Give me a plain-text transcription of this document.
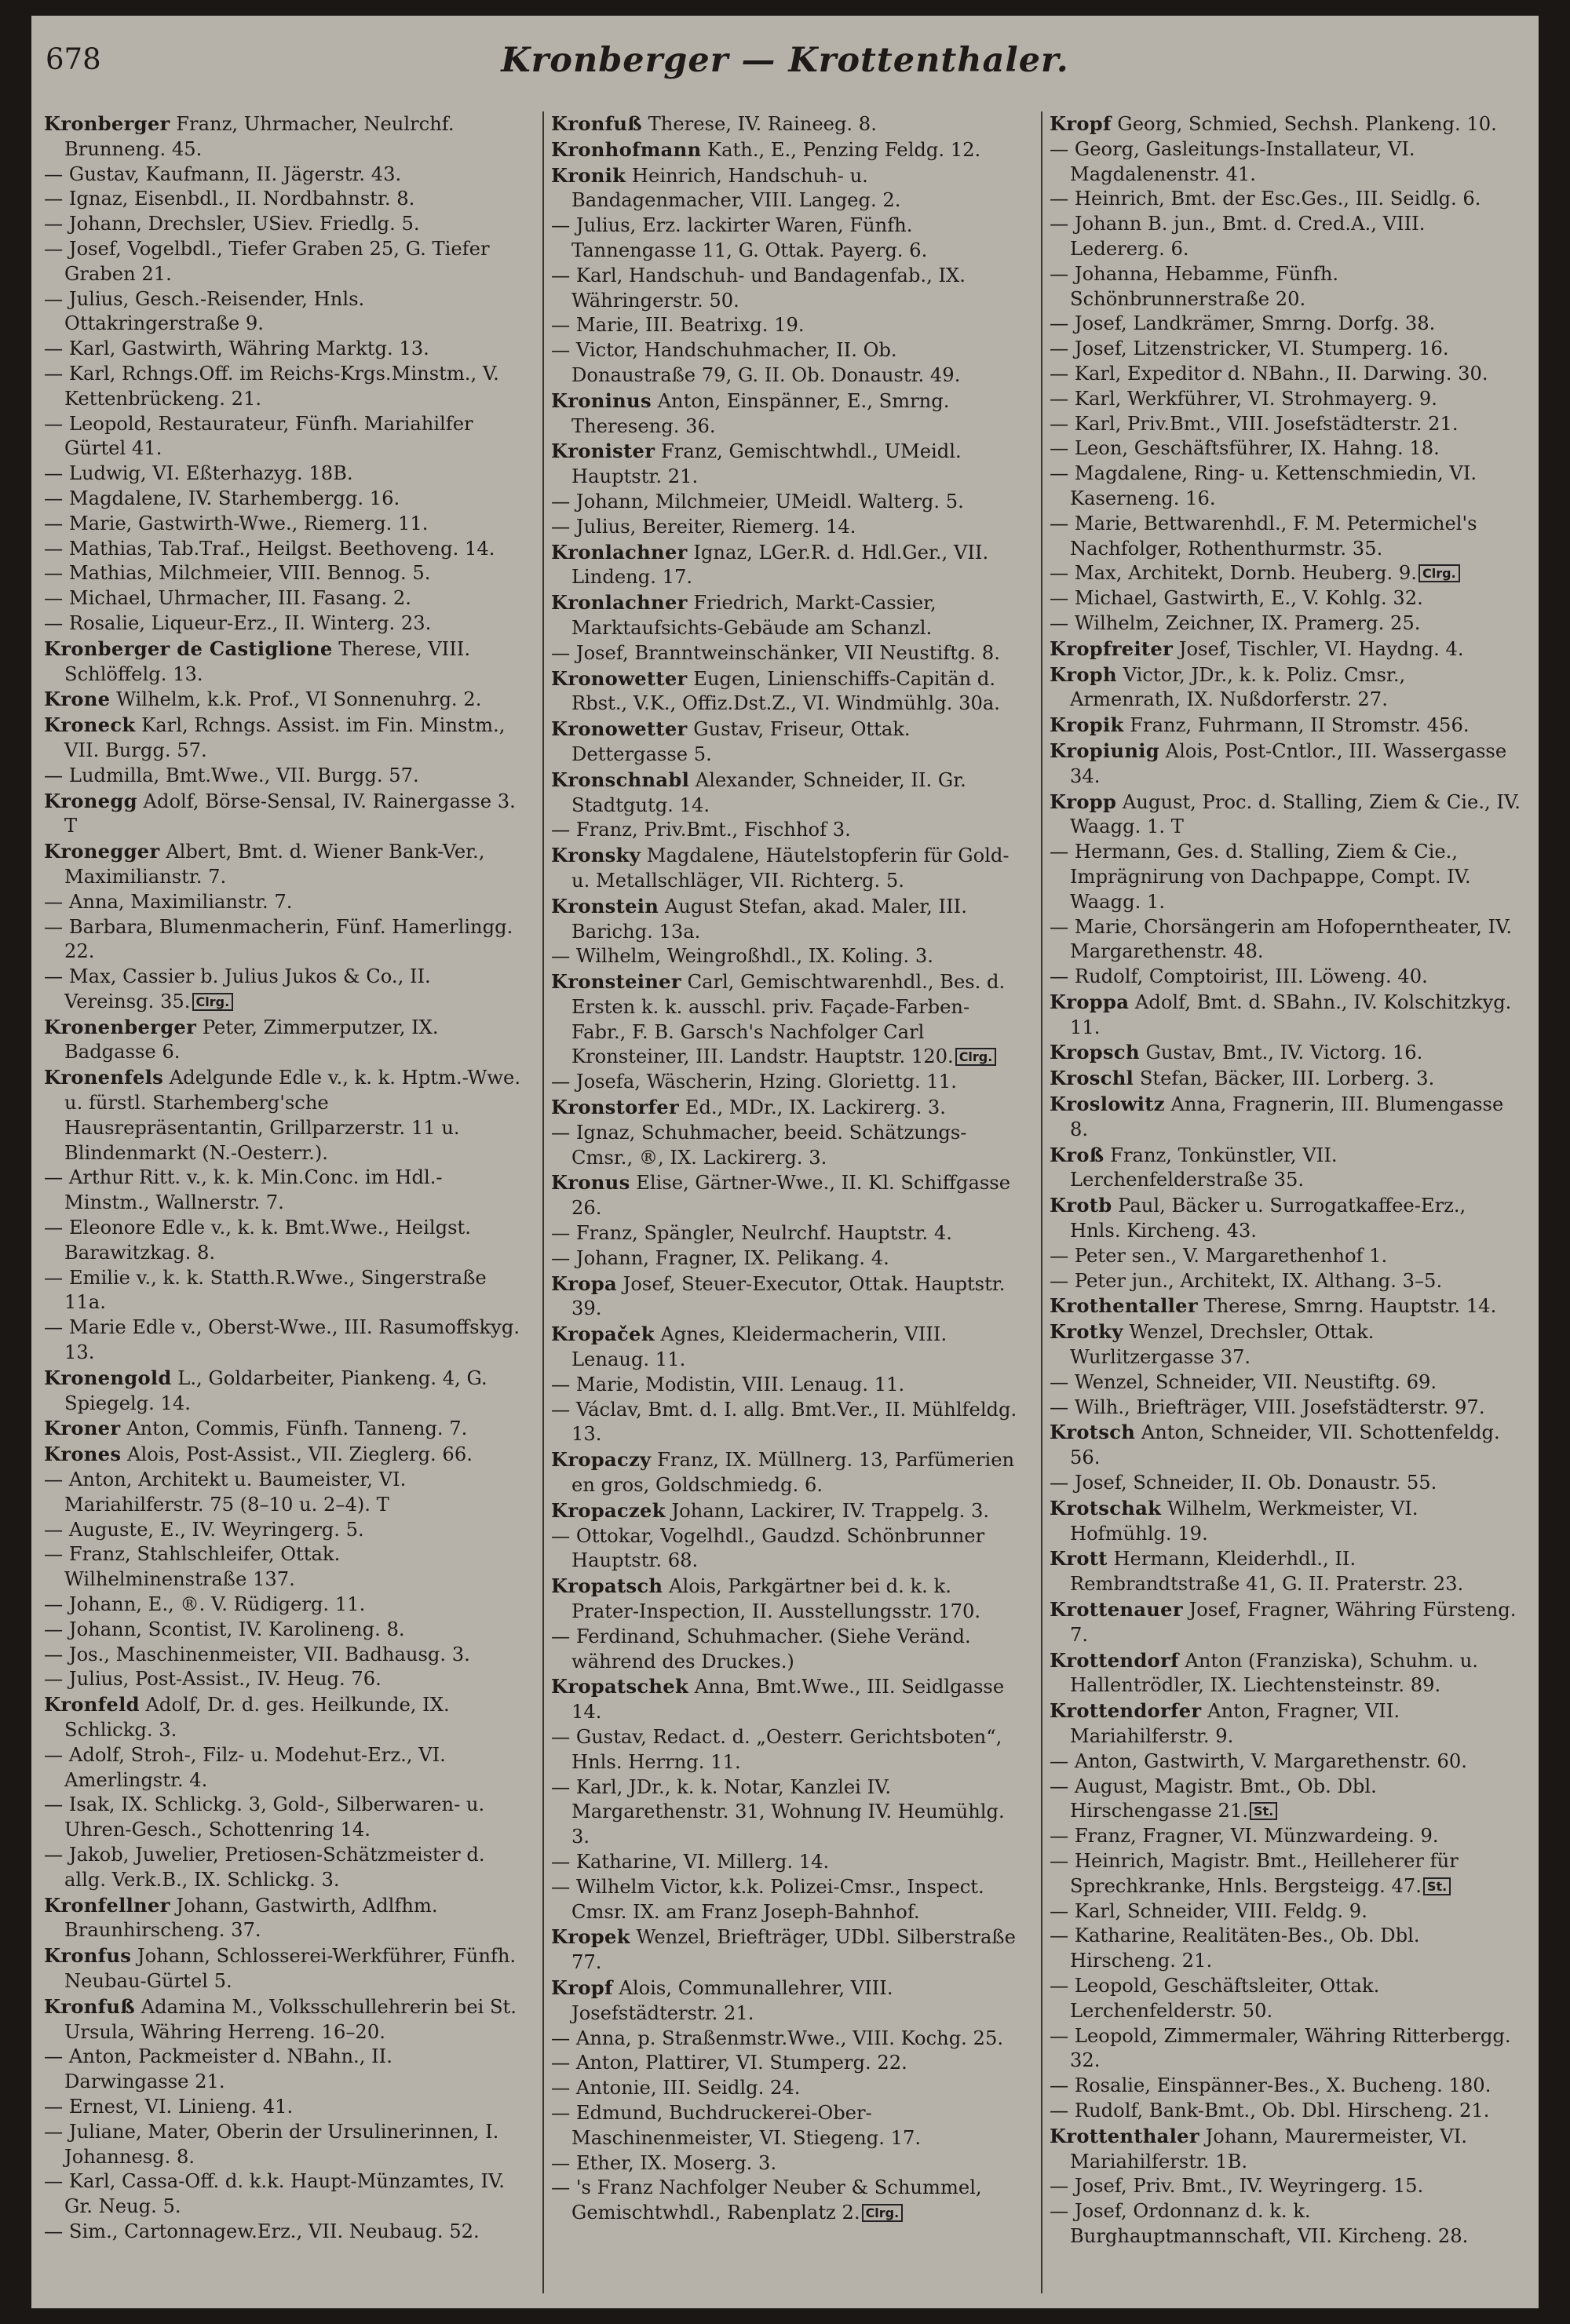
678	Kronberger — Krottenthaler.

Kronberger Franz, Uhrmacher, Neulrchf. Brunneng. 45.

— Gustav, Kaufmann, II. Jägerstr. 43.

— Ignaz, Eisenbdl., II. Nordbahnstr. 8.

— Johann, Drechsler, USiev. Friedlg. 5.

— Josef, Vogelbdl., Tiefer Graben 25, G. Tiefer Graben 21.

— Julius, Gesch.-Reisender, Hnls. Ottakringerstraße 9.

— Karl, Gastwirth, Währing Marktg. 13.

— Karl, Rchngs.Off. im Reichs-Krgs.Minstm., V. Kettenbrückeng. 21.

— Leopold, Restaurateur, Fünfh. Mariahilfer Gürtel 41.

— Ludwig, VI. Eßterhazyg. 18B.

— Magdalene, IV. Starhembergg. 16.

— Marie, Gastwirth-Wwe., Riemerg. 11.

— Mathias, Tab.Traf., Heilgst. Beethoveng. 14.

— Mathias, Milchmeier, VIII. Bennog. 5.

— Michael, Uhrmacher, III. Fasang. 2.

— Rosalie, Liqueur-Erz., II. Winterg. 23.

Kronberger de Castiglione Therese, VIII. Schlöffelg. 13.

Krone Wilhelm, k.k. Prof., VI Sonnenuhrg. 2.

Kroneck Karl, Rchngs. Assist. im Fin. Minstm., VII. Burgg. 57.

— Ludmilla, Bmt.Wwe., VII. Burgg. 57.

Kronegg Adolf, Börse-Sensal, IV. Rainergasse 3. T

Kronegger Albert, Bmt. d. Wiener Bank-Ver., Maximilianstr. 7.

— Anna, Maximilianstr. 7.

— Barbara, Blumenmacherin, Fünf. Hamerlingg. 22.

— Max, Cassier b. Julius Jukos & Co., II. Vereinsg. 35. Clrg.

Kronenberger Peter, Zimmerputzer, IX. Badgasse 6.

Kronenfels Adelgunde Edle v., k. k. Hptm.-Wwe. u. fürstl. Starhemberg'sche Hausrepräsentantin, Grillparzerstr. 11 u. Blindenmarkt (N.-Oesterr.).

— Arthur Ritt. v., k. k. Min.Conc. im Hdl.-Minstm., Wallnerstr. 7.

— Eleonore Edle v., k. k. Bmt.Wwe., Heilgst. Barawitzkag. 8.

— Emilie v., k. k. Statth.R.Wwe., Singerstraße 11a.

— Marie Edle v., Oberst-Wwe., III. Rasumoffskyg. 13.

Kronengold L., Goldarbeiter, Piankeng. 4, G. Spiegelg. 14.

Kroner Anton, Commis, Fünfh. Tanneng. 7.

Krones Alois, Post-Assist., VII. Zieglerg. 66.

— Anton, Architekt u. Baumeister, VI. Mariahilferstr. 75 (8–10 u. 2–4). T

— Auguste, E., IV. Weyringerg. 5.

— Franz, Stahlschleifer, Ottak. Wilhelminenstraße 137.

— Johann, E., ®. V. Rüdigerg. 11.

— Johann, Scontist, IV. Karolineng. 8.

— Jos., Maschinenmeister, VII. Badhausg. 3.

— Julius, Post-Assist., IV. Heug. 76.

Kronfeld Adolf, Dr. d. ges. Heilkunde, IX. Schlickg. 3.

— Adolf, Stroh-, Filz- u. Modehut-Erz., VI. Amerlingstr. 4.

— Isak, IX. Schlickg. 3, Gold-, Silberwaren- u. Uhren-Gesch., Schottenring 14.

— Jakob, Juwelier, Pretiosen-Schätzmeister d. allg. Verk.B., IX. Schlickg. 3.

Kronfellner Johann, Gastwirth, Adlfhm. Braunhirscheng. 37.

Kronfus Johann, Schlosserei-Werkführer, Fünfh. Neubau-Gürtel 5.

Kronfuß Adamina M., Volksschullehrerin bei St. Ursula, Währing Herreng. 16–20.

— Anton, Packmeister d. NBahn., II. Darwingasse 21.

— Ernest, VI. Linieng. 41.

— Juliane, Mater, Oberin der Ursulinerinnen, I. Johannesg. 8.

— Karl, Cassa-Off. d. k.k. Haupt-Münzamtes, IV. Gr. Neug. 5.

— Sim., Cartonnagew.Erz., VII. Neubaug. 52.

Kronfuß Therese, IV. Raineeg. 8.

Kronhofmann Kath., E., Penzing Feldg. 12.

Kronik Heinrich, Handschuh- u. Bandagenmacher, VIII. Langeg. 2.

— Julius, Erz. lackirter Waren, Fünfh. Tannengasse 11, G. Ottak. Payerg. 6.

— Karl, Handschuh- und Bandagenfab., IX. Währingerstr. 50.

— Marie, III. Beatrixg. 19.

— Victor, Handschuhmacher, II. Ob. Donaustraße 79, G. II. Ob. Donaustr. 49.

Kroninus Anton, Einspänner, E., Smrng. Thereseng. 36.

Kronister Franz, Gemischtwhdl., UMeidl. Hauptstr. 21.

— Johann, Milchmeier, UMeidl. Walterg. 5.

— Julius, Bereiter, Riemerg. 14.

Kronlachner Ignaz, LGer.R. d. Hdl.Ger., VII. Lindeng. 17.

Kronlachner Friedrich, Markt-Cassier, Marktaufsichts-Gebäude am Schanzl.

— Josef, Branntweinschänker, VII Neustiftg. 8.

Kronowetter Eugen, Linienschiffs-Capitän d. Rbst., V.K., Offiz.Dst.Z., VI. Windmühlg. 30a.

Kronowetter Gustav, Friseur, Ottak. Dettergasse 5.

Kronschnabl Alexander, Schneider, II. Gr. Stadtgutg. 14.

— Franz, Priv.Bmt., Fischhof 3.

Kronsky Magdalene, Häutelstopferin für Gold- u. Metallschläger, VII. Richterg. 5.

Kronstein August Stefan, akad. Maler, III. Barichg. 13a.

— Wilhelm, Weingroßhdl., IX. Koling. 3.

Kronsteiner Carl, Gemischtwarenhdl., Bes. d. Ersten k. k. ausschl. priv. Façade-Farben-Fabr., F. B. Garsch's Nachfolger Carl Kronsteiner, III. Landstr. Hauptstr. 120. Clrg.

— Josefa, Wäscherin, Hzing. Gloriettg. 11.

Kronstorfer Ed., MDr., IX. Lackirerg. 3.

— Ignaz, Schuhmacher, beeid. Schätzungs-Cmsr., ®, IX. Lackirerg. 3.

Kronus Elise, Gärtner-Wwe., II. Kl. Schiffgasse 26.

— Franz, Spängler, Neulrchf. Hauptstr. 4.

— Johann, Fragner, IX. Pelikang. 4.

Kropa Josef, Steuer-Executor, Ottak. Hauptstr. 39.

Kropaček Agnes, Kleidermacherin, VIII. Lenaug. 11.

— Marie, Modistin, VIII. Lenaug. 11.

— Václav, Bmt. d. I. allg. Bmt.Ver., II. Mühlfeldg. 13.

Kropaczy Franz, IX. Müllnerg. 13, Parfümerien en gros, Goldschmiedg. 6.

Kropaczek Johann, Lackirer, IV. Trappelg. 3.

— Ottokar, Vogelhdl., Gaudzd. Schönbrunner Hauptstr. 68.

Kropatsch Alois, Parkgärtner bei d. k. k. Prater-Inspection, II. Ausstellungsstr. 170.

— Ferdinand, Schuhmacher. (Siehe Veränd. während des Druckes.)

Kropatschek Anna, Bmt.Wwe., III. Seidlgasse 14.

— Gustav, Redact. d. „Oesterr. Gerichtsboten“, Hnls. Herrng. 11.

— Karl, JDr., k. k. Notar, Kanzlei IV. Margarethenstr. 31, Wohnung IV. Heumühlg. 3.

— Katharine, VI. Millerg. 14.

— Wilhelm Victor, k.k. Polizei-Cmsr., Inspect. Cmsr. IX. am Franz Joseph-Bahnhof.

Kropek Wenzel, Briefträger, UDbl. Silberstraße 77.

Kropf Alois, Communallehrer, VIII. Josefstädterstr. 21.

— Anna, p. Straßenmstr.Wwe., VIII. Kochg. 25.

— Anton, Plattirer, VI. Stumperg. 22.

— Antonie, III. Seidlg. 24.

— Edmund, Buchdruckerei-Ober-Maschinenmeister, VI. Stiegeng. 17.

— Ether, IX. Moserg. 3.

— 's Franz Nachfolger Neuber & Schummel, Gemischtwhdl., Rabenplatz 2. Clrg.

Kropf Georg, Schmied, Sechsh. Plankeng. 10.

— Georg, Gasleitungs-Installateur, VI. Magdalenenstr. 41.

— Heinrich, Bmt. der Esc.Ges., III. Seidlg. 6.

— Johann B. jun., Bmt. d. Cred.A., VIII. Ledererg. 6.

— Johanna, Hebamme, Fünfh. Schönbrunnerstraße 20.

— Josef, Landkrämer, Smrng. Dorfg. 38.

— Josef, Litzenstricker, VI. Stumperg. 16.

— Karl, Expeditor d. NBahn., II. Darwing. 30.

— Karl, Werkführer, VI. Strohmayerg. 9.

— Karl, Priv.Bmt., VIII. Josefstädterstr. 21.

— Leon, Geschäftsführer, IX. Hahng. 18.

— Magdalene, Ring- u. Kettenschmiedin, VI. Kaserneng. 16.

— Marie, Bettwarenhdl., F. M. Petermichel's Nachfolger, Rothenthurmstr. 35.

— Max, Architekt, Dornb. Heuberg. 9. Clrg.

— Michael, Gastwirth, E., V. Kohlg. 32.

— Wilhelm, Zeichner, IX. Pramerg. 25.

Kropfreiter Josef, Tischler, VI. Haydng. 4.

Kroph Victor, JDr., k. k. Poliz. Cmsr., Armenrath, IX. Nußdorferstr. 27.

Kropik Franz, Fuhrmann, II Stromstr. 456.

Kropiunig Alois, Post-Cntlor., III. Wassergasse 34.

Kropp August, Proc. d. Stalling, Ziem & Cie., IV. Waagg. 1. T

— Hermann, Ges. d. Stalling, Ziem & Cie., Imprägnirung von Dachpappe, Compt. IV. Waagg. 1.

— Marie, Chorsängerin am Hofoperntheater, IV. Margarethenstr. 48.

— Rudolf, Comptoirist, III. Löweng. 40.

Kroppa Adolf, Bmt. d. SBahn., IV. Kolschitzkyg. 11.

Kropsch Gustav, Bmt., IV. Victorg. 16.

Kroschl Stefan, Bäcker, III. Lorberg. 3.

Kroslowitz Anna, Fragnerin, III. Blumengasse 8.

Kroß Franz, Tonkünstler, VII. Lerchenfelderstraße 35.

Krotb Paul, Bäcker u. Surrogatkaffee-Erz., Hnls. Kircheng. 43.

— Peter sen., V. Margarethenhof 1.

— Peter jun., Architekt, IX. Althang. 3–5.

Krothentaller Therese, Smrng. Hauptstr. 14.

Krotky Wenzel, Drechsler, Ottak. Wurlitzergasse 37.

— Wenzel, Schneider, VII. Neustiftg. 69.

— Wilh., Briefträger, VIII. Josefstädterstr. 97.

Krotsch Anton, Schneider, VII. Schottenfeldg. 56.

— Josef, Schneider, II. Ob. Donaustr. 55.

Krotschak Wilhelm, Werkmeister, VI. Hofmühlg. 19.

Krott Hermann, Kleiderhdl., II. Rembrandtstraße 41, G. II. Praterstr. 23.

Krottenauer Josef, Fragner, Währing Fürsteng. 7.

Krottendorf Anton (Franziska), Schuhm. u. Hallentrödler, IX. Liechtensteinstr. 89.

Krottendorfer Anton, Fragner, VII. Mariahilferstr. 9.

— Anton, Gastwirth, V. Margarethenstr. 60.

— August, Magistr. Bmt., Ob. Dbl. Hirschengasse 21. St.

— Franz, Fragner, VI. Münzwardeing. 9.

— Heinrich, Magistr. Bmt., Heilleherer für Sprechkranke, Hnls. Bergsteigg. 47. St.

— Karl, Schneider, VIII. Feldg. 9.

— Katharine, Realitäten-Bes., Ob. Dbl. Hirscheng. 21.

— Leopold, Geschäftsleiter, Ottak. Lerchenfelderstr. 50.

— Leopold, Zimmermaler, Währing Ritterbergg. 32.

— Rosalie, Einspänner-Bes., X. Bucheng. 180.

— Rudolf, Bank-Bmt., Ob. Dbl. Hirscheng. 21.

Krottenthaler Johann, Maurermeister, VI. Mariahilferstr. 1B.

— Josef, Priv. Bmt., IV. Weyringerg. 15.

— Josef, Ordonnanz d. k. k. Burghauptmannschaft, VII. Kircheng. 28.
